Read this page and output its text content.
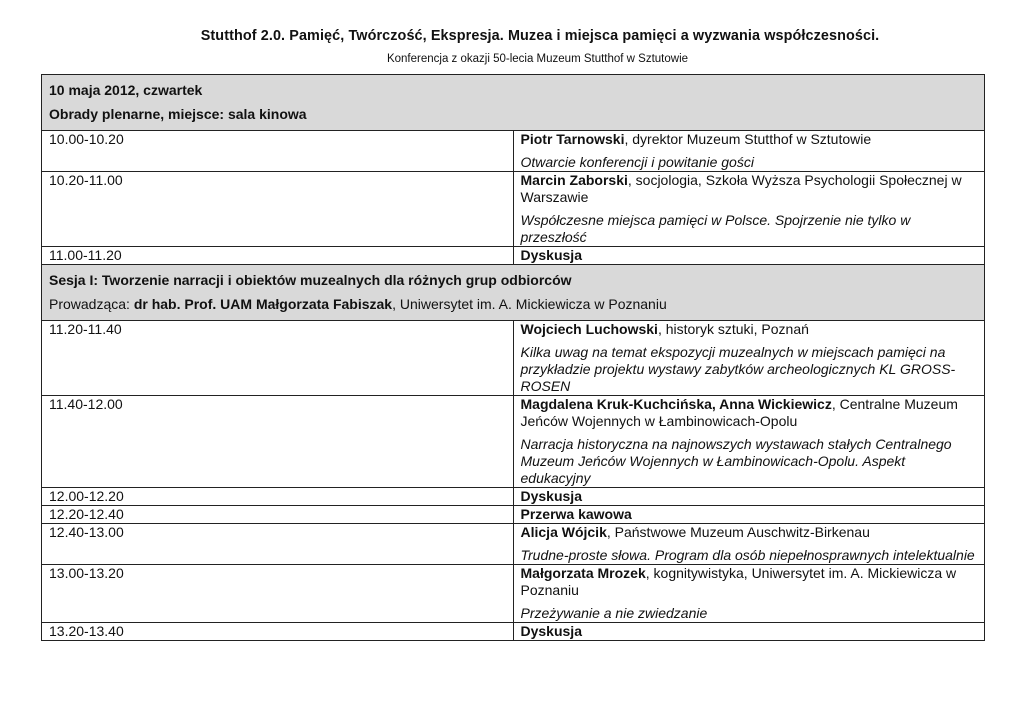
Stutthof 2.0. Pamięć, Twórczość, Ekspresja. Muzea i miejsca pamięci a wyzwania współczesności.
Konferencja z okazji 50-lecia Muzeum Stutthof w Sztutowie
10 maja 2012, czwartek
Obrady plenarne, miejsce: sala kinowa	

10.00-10.20	Piotr Tarnowski, dyrektor Muzeum Stutthof w Sztutowie
Otwarcie konferencji i powitanie gości

10.20-11.00	Marcin Zaborski, socjologia, Szkoła Wyższa Psychologii Społecznej w Warszawie
Współczesne miejsca pamięci w Polsce. Spojrzenie nie tylko w przeszłość

11.00-11.20	Dyskusja

Sesja I: Tworzenie narracji i obiektów muzealnych dla różnych grup odbiorców
Prowadząca: dr hab. Prof. UAM Małgorzata Fabiszak, Uniwersytet im. A. Mickiewicza w Poznaniu	

11.20-11.40	Wojciech Luchowski, historyk sztuki, Poznań
Kilka uwag na temat ekspozycji muzealnych w miejscach pamięci na przykładzie projektu wystawy zabytków archeologicznych KL GROSS-ROSEN

11.40-12.00	Magdalena Kruk-Kuchcińska, Anna Wickiewicz, Centralne Muzeum Jeńców Wojennych w Łambinowicach-Opolu
Narracja historyczna na najnowszych wystawach stałych Centralnego Muzeum Jeńców Wojennych w Łambinowicach-Opolu. Aspekt edukacyjny

12.00-12.20	Dyskusja

12.20-12.40	Przerwa kawowa

12.40-13.00	Alicja Wójcik, Państwowe Muzeum Auschwitz-Birkenau
Trudne-proste słowa. Program dla osób niepełnosprawnych intelektualnie

13.00-13.20	Małgorzata Mrozek, kognitywistyka, Uniwersytet im. A. Mickiewicza w Poznaniu
Przeżywanie a nie zwiedzanie

13.20-13.40	Dyskusja
